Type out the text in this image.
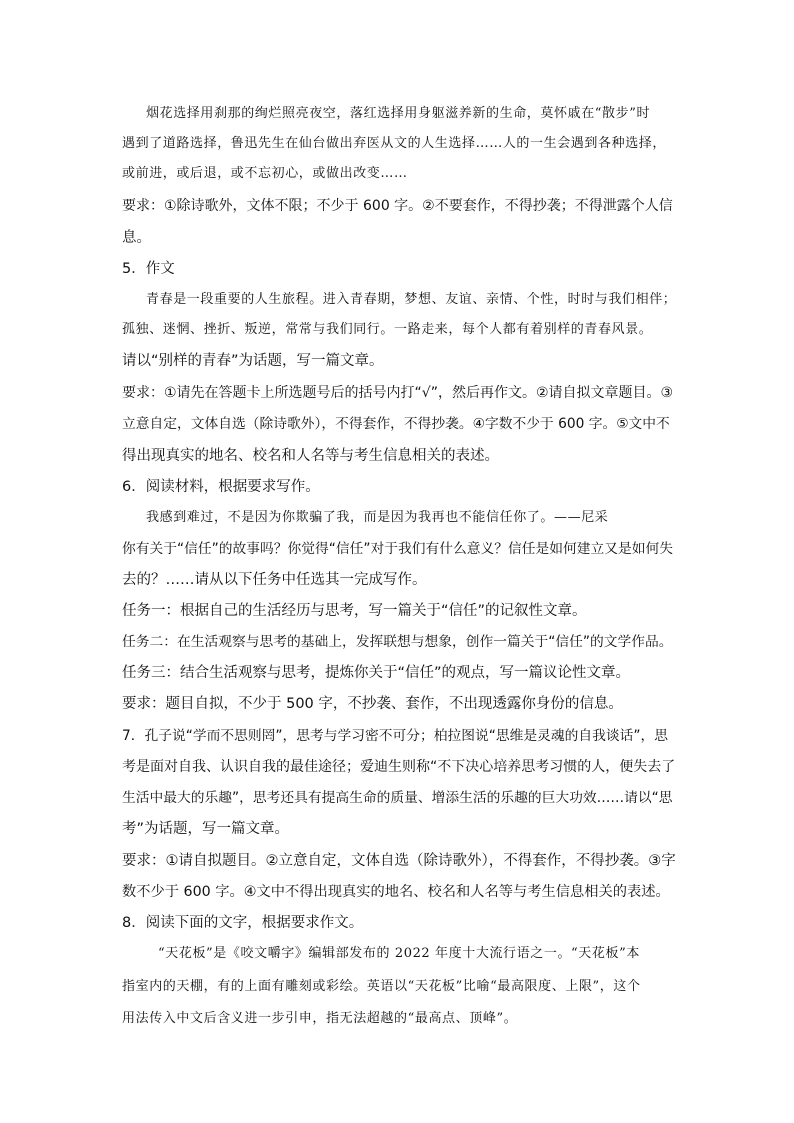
烟花选择用刹那的绚烂照亮夜空，落红选择用身躯滋养新的生命，莫怀戚在“散步”时
遇到了道路选择，鲁迅先生在仙台做出弃医从文的人生选择……人的一生会遇到各种选择，
或前进，或后退，或不忘初心，或做出改变……
要求：①除诗歌外，文体不限；不少于 600 字。②不要套作，不得抄袭；不得泄露个人信
息。
5．作文
青春是一段重要的人生旅程。进入青春期，梦想、友谊、亲情、个性，时时与我们相伴；
孤独、迷惘、挫折、叛逆，常常与我们同行。一路走来，每个人都有着别样的青春风景。
请以“别样的青春”为话题，写一篇文章。
要求：①请先在答题卡上所选题号后的括号内打“√”，然后再作文。②请自拟文章题目。③
立意自定，文体自选（除诗歌外），不得套作，不得抄袭。④字数不少于 600 字。⑤文中不
得出现真实的地名、校名和人名等与考生信息相关的表述。
6．阅读材料，根据要求写作。
我感到难过，不是因为你欺骗了我，而是因为我再也不能信任你了。——尼采
你有关于“信任”的故事吗？你觉得“信任”对于我们有什么意义？信任是如何建立又是如何失
去的？……请从以下任务中任选其一完成写作。
任务一：根据自己的生活经历与思考，写一篇关于“信任”的记叙性文章。
任务二：在生活观察与思考的基础上，发挥联想与想象，创作一篇关于“信任”的文学作品。
任务三：结合生活观察与思考，提炼你关于“信任”的观点，写一篇议论性文章。
要求：题目自拟，不少于 500 字，不抄袭、套作，不出现透露你身份的信息。
7．孔子说“学而不思则罔”，思考与学习密不可分；柏拉图说“思维是灵魂的自我谈话”，思
考是面对自我、认识自我的最佳途径；爱迪生则称“不下决心培养思考习惯的人，便失去了
生活中最大的乐趣”，思考还具有提高生命的质量、增添生活的乐趣的巨大功效……请以“思
考”为话题，写一篇文章。
要求：①请自拟题目。②立意自定，文体自选（除诗歌外），不得套作，不得抄袭。③字
数不少于 600 字。④文中不得出现真实的地名、校名和人名等与考生信息相关的表述。
8．阅读下面的文字，根据要求作文。
“天花板”是《咬文嚼字》编辑部发布的 2022 年度十大流行语之一。“天花板”本
指室内的天棚，有的上面有雕刻或彩绘。英语以“天花板”比喻“最高限度、上限”，这个
用法传入中文后含义进一步引申，指无法超越的“最高点、顶峰”。
